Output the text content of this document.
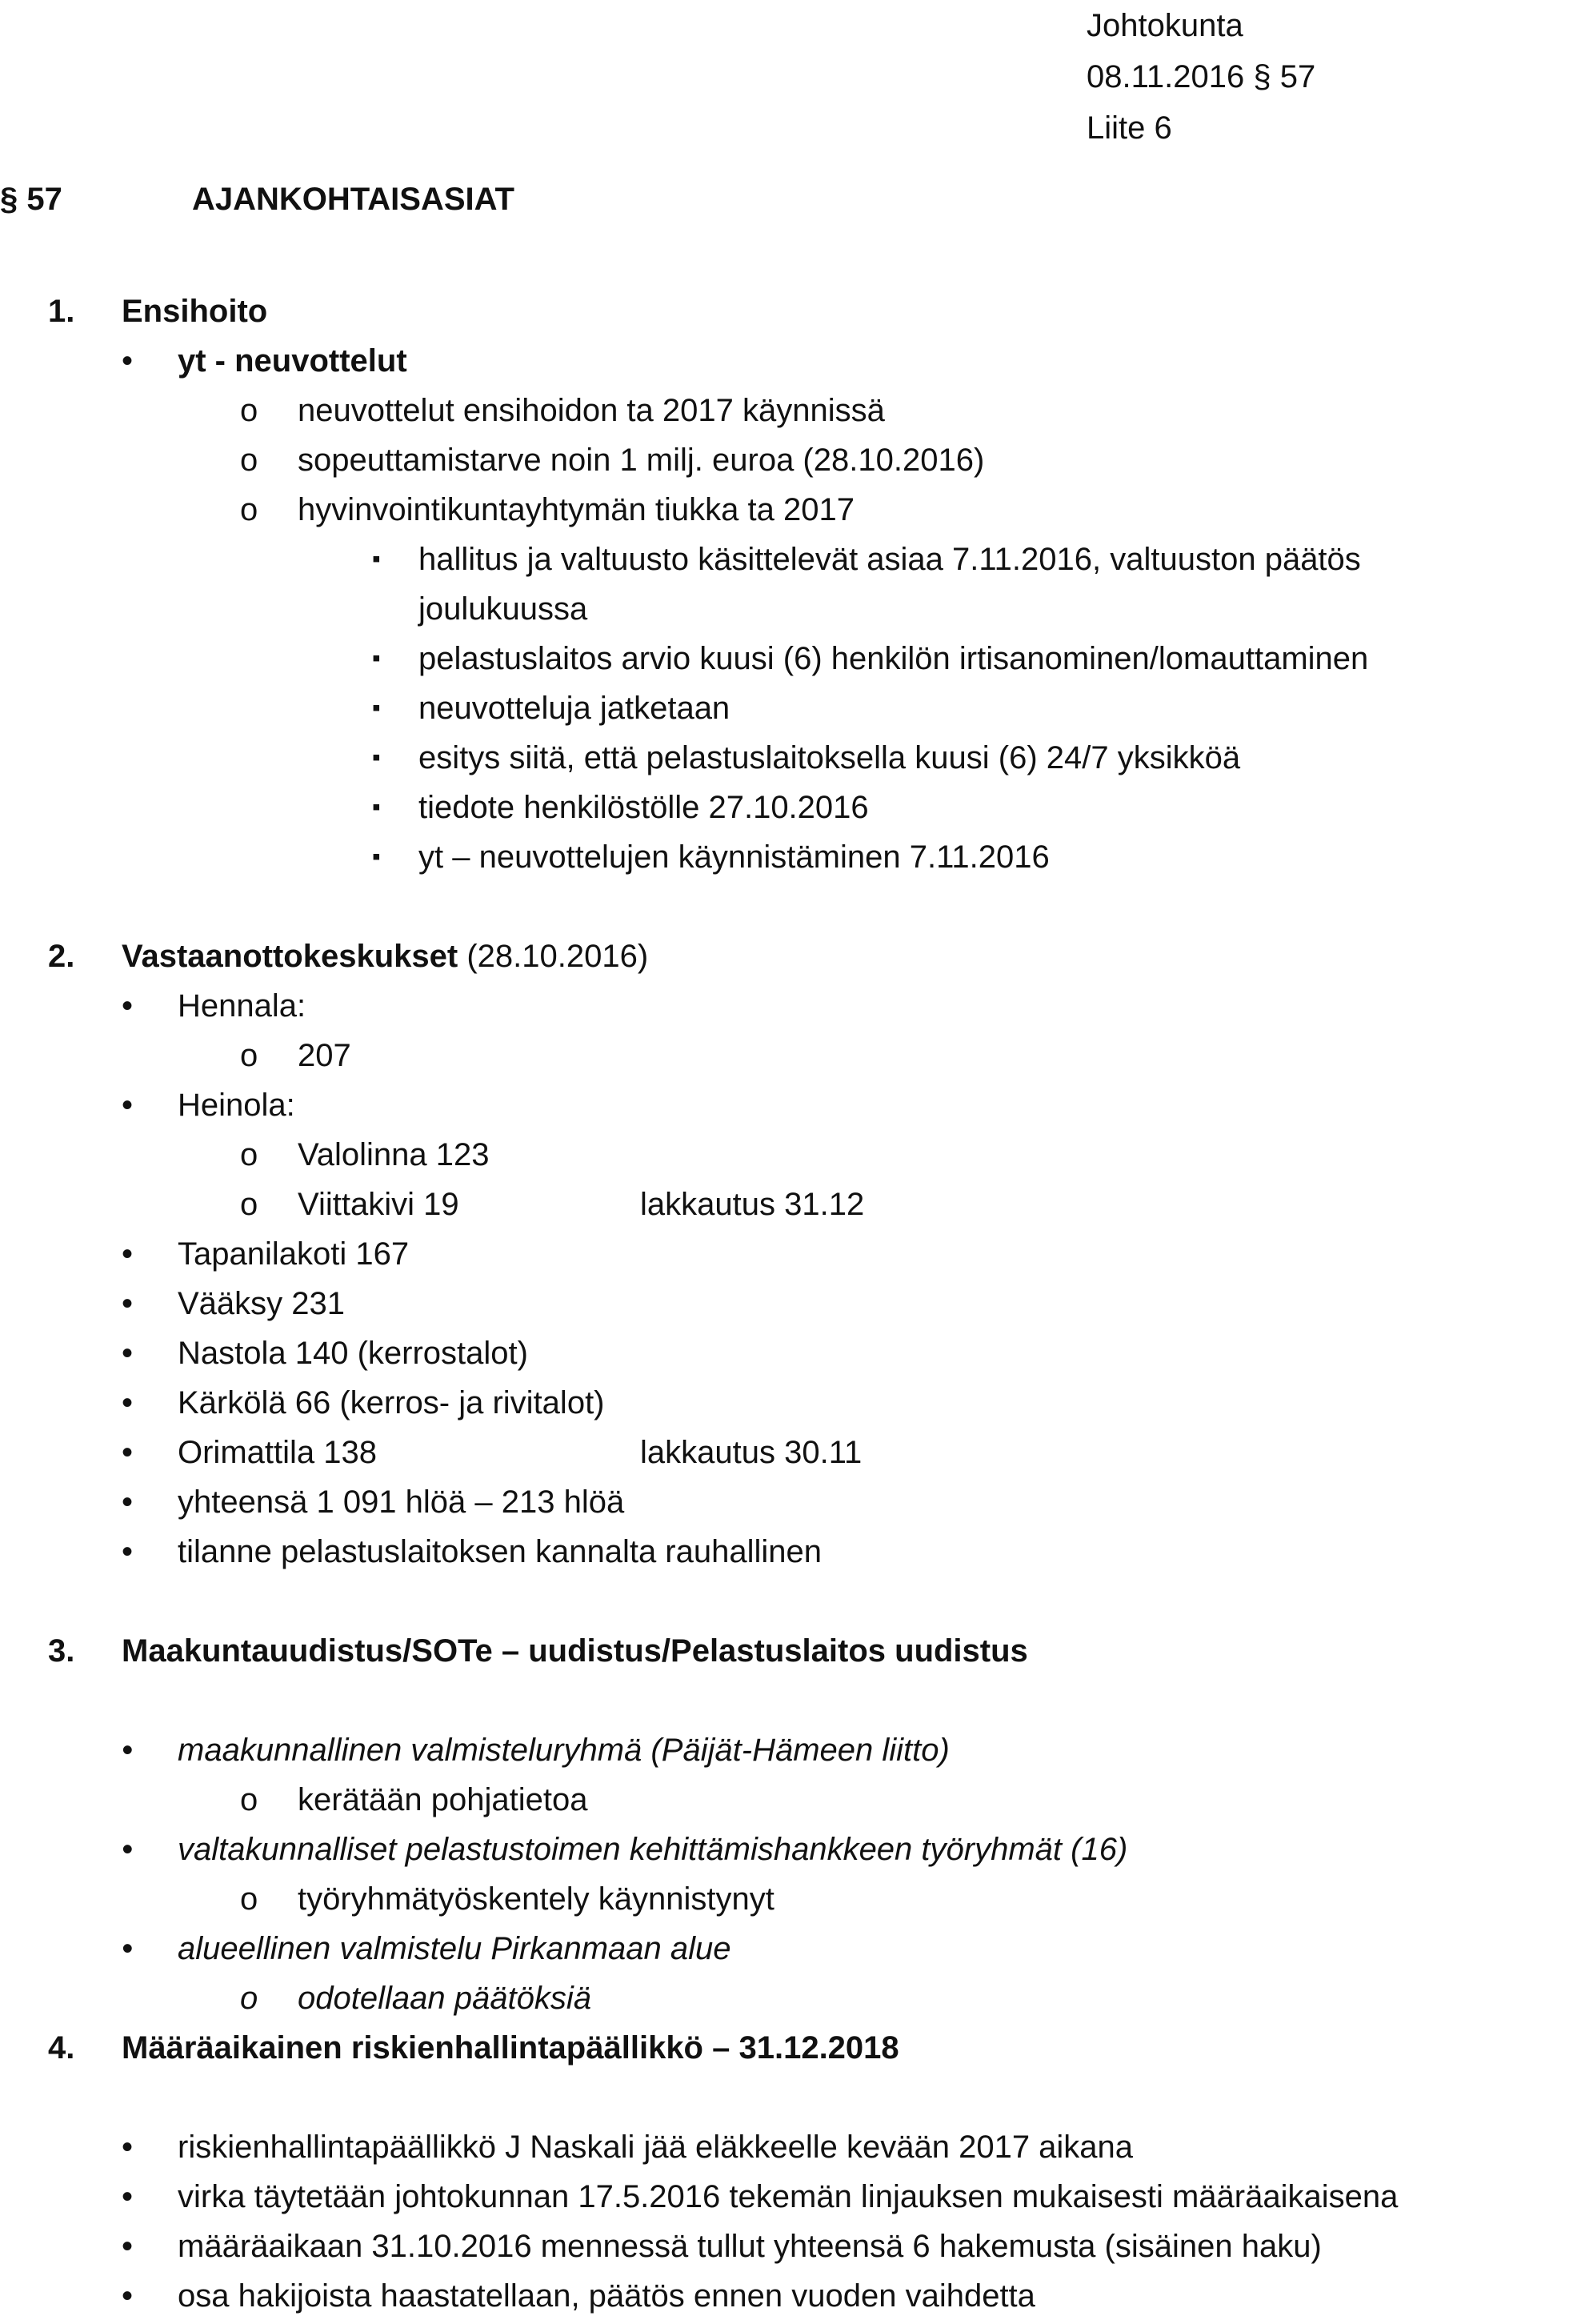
Johtokunta
08.11.2016 § 57
Liite 6
§ 57	AJANKOHTAISASIAT
1.	Ensihoito
• yt - neuvottelut
o neuvottelut ensihoidon ta 2017 käynnissä
o sopeuttamistarve noin 1 milj. euroa (28.10.2016)
o hyvinvointikuntayhtymän tiukka ta 2017
▪ hallitus ja valtuusto käsittelevät asiaa 7.11.2016, valtuuston päätös
joulukuussa
▪ pelastuslaitos arvio kuusi (6) henkilön irtisanominen/lomauttaminen
▪ neuvotteluja jatketaan
▪ esitys siitä, että pelastuslaitoksella kuusi (6) 24/7 yksikköä
▪ tiedote henkilöstölle 27.10.2016
▪ yt – neuvottelujen käynnistäminen 7.11.2016
2.	Vastaanottokeskukset (28.10.2016)
• Hennala:
o 207
• Heinola:
o Valolinna 123
o Viittakivi 19	lakkautus 31.12
• Tapanilakoti 167
• Vääksy 231
• Nastola 140 (kerrostalot)
• Kärkölä 66 (kerros- ja rivitalot)
• Orimattila 138	lakkautus 30.11
• yhteensä 1 091 hlöä – 213 hlöä
• tilanne pelastuslaitoksen kannalta rauhallinen
3.	Maakuntauudistus/SOTe – uudistus/Pelastuslaitos uudistus
• maakunnallinen valmisteluryhmä (Päijät-Hämeen liitto)
o kerätään pohjatietoa
• valtakunnalliset pelastustoimen kehittämishankkeen työryhmät (16)
o työryhmätyöskentely käynnistynyt
• alueellinen valmistelu Pirkanmaan alue
o odotellaan päätöksiä
4.	Määräaikainen riskienhallintapäällikkö – 31.12.2018
• riskienhallintapäällikkö J Naskali jää eläkkeelle kevään 2017 aikana
• virka täytetään johtokunnan 17.5.2016 tekemän linjauksen mukaisesti määräaikaisena
• määräaikaan 31.10.2016 mennessä tullut yhteensä 6 hakemusta (sisäinen haku)
• osa hakijoista haastatellaan, päätös ennen vuoden vaihdetta
